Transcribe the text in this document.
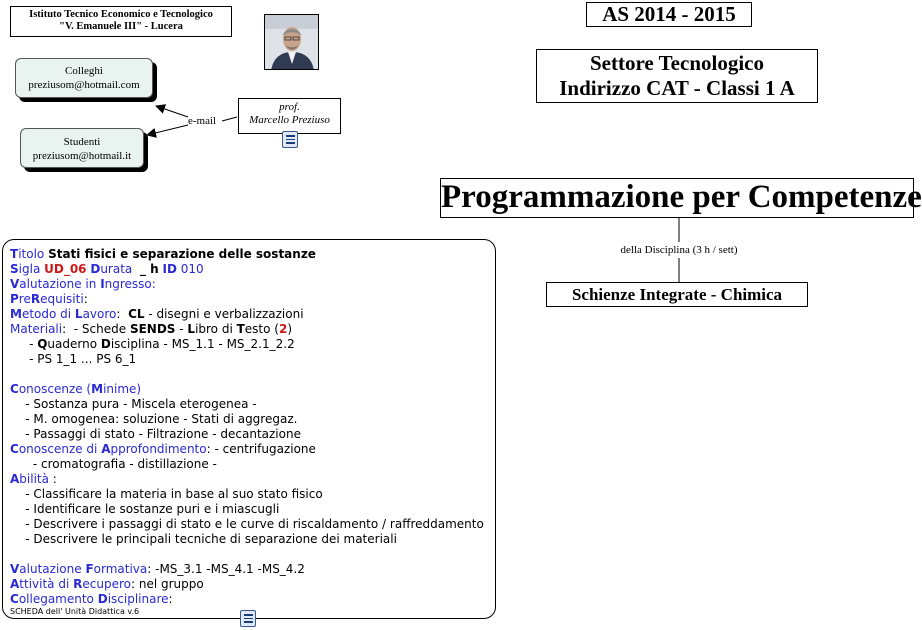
Istituto Tecnico Economico e Tecnologico
"V. Emanuele III" - Lucera
Colleghi
preziusom@hotmail.com
Studenti
preziusom@hotmail.it
e-mail
prof.
Marcello Preziuso
AS 2014 - 2015
Settore Tecnologico
Indirizzo CAT - Classi 1 A
Programmazione per Competenze
della Disciplina (3 h / sett)
Schienze Integrate - Chimica
Titolo Stati fisici e separazione delle sostanze
Sigla UD_06 Durata _ h ID 010
Valutazione in Ingresso:
PreRequisiti:
Metodo di Lavoro:  CL - disegni e verbalizzazioni
Materiali:  - Schede SENDS - Libro di Testo (2)
- Quaderno Disciplina - MS_1.1 - MS_2.1_2.2
- PS 1_1 ... PS 6_1
Conoscenze (Minime)
- Sostanza pura - Miscela eterogenea -
- M. omogenea: soluzione - Stati di aggregaz.
- Passaggi di stato - Filtrazione - decantazione
Conoscenze di Approfondimento: - centrifugazione
- cromatografia - distillazione -
Abilità :
- Classificare la materia in base al suo stato fisico
- Identificare le sostanze puri e i miascugli
- Descrivere i passaggi di stato e le curve di riscaldamento / raffreddamento
- Descrivere le principali tecniche di separazione dei materiali
Valutazione Formativa: -MS_3.1 -MS_4.1 -MS_4.2
Attività di Recupero: nel gruppo
Collegamento Disciplinare:
SCHEDA dell' Unità Didattica v.6
